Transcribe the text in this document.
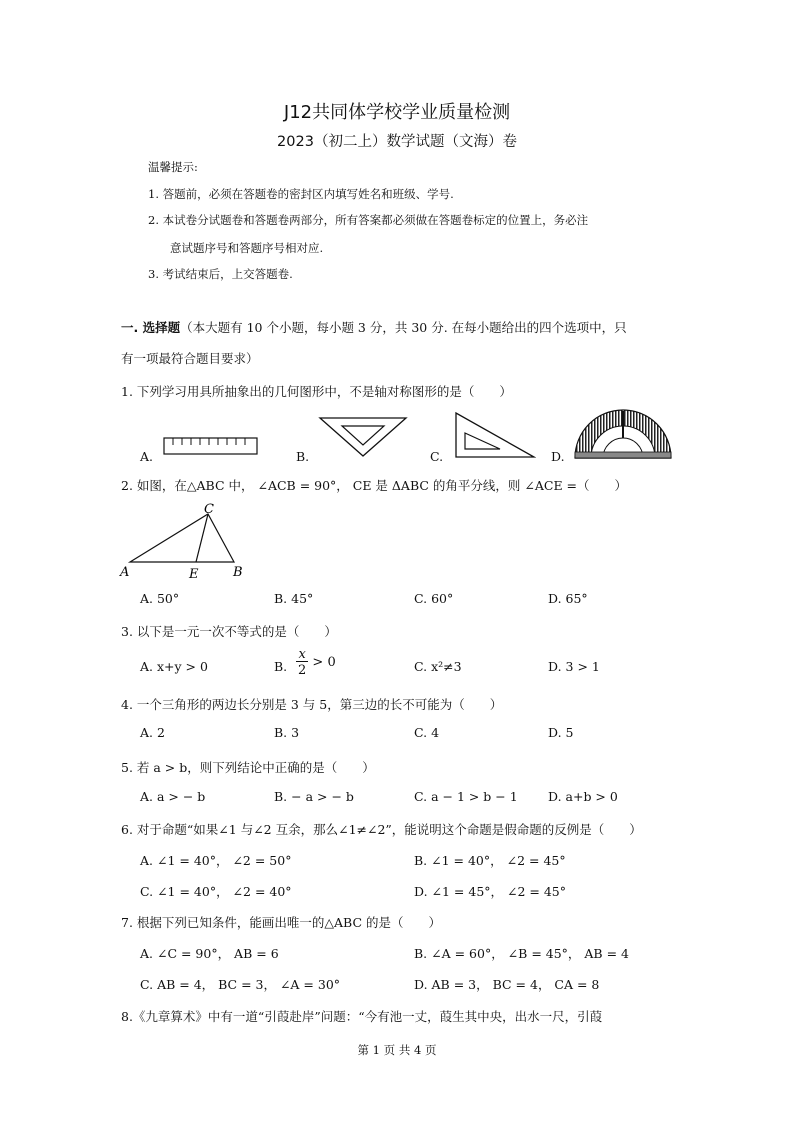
J12共同体学校学业质量检测
2023（初二上）数学试题（文海）卷
温馨提示:
1. 答题前，必须在答题卷的密封区内填写姓名和班级、学号.
2. 本试卷分试题卷和答题卷两部分，所有答案都必须做在答题卷标定的位置上，务必注
意试题序号和答题序号相对应.
3. 考试结束后，上交答题卷.
一. 选择题（本大题有 10 个小题，每小题 3 分，共 30 分. 在每小题给出的四个选项中，只
有一项最符合题目要求）
1. 下列学习用具所抽象出的几何图形中，不是轴对称图形的是（　　）
A.	B.	C.	D.
2. 如图，在△ABC 中， ∠ACB = 90°， CE 是 ΔABC 的角平分线，则 ∠ACE =（　　）
C
A	E	B
A. 50°	B. 45°	C. 60°	D. 65°
3. 以下是一元一次不等式的是（　　）
A. x+y > 0	B. $\frac{x}{2} > 0$	C. x²≠3	D. 3 > 1
4. 一个三角形的两边长分别是 3 与 5，第三边的长不可能为（　　）
A. 2	B. 3	C. 4	D. 5
5. 若 a > b，则下列结论中正确的是（　　）
A. a > − b	B. − a > − b	C. a − 1 > b − 1 D. a+b > 0
6. 对于命题“如果∠1 与∠2 互余，那么∠1≠∠2”，能说明这个命题是假命题的反例是（　　）
A. ∠1 = 40°， ∠2 = 50°	B. ∠1 = 40°， ∠2 = 45°
C. ∠1 = 40°， ∠2 = 40°	D. ∠1 = 45°， ∠2 = 45°
7. 根据下列已知条件，能画出唯一的△ABC 的是（　　）
A. ∠C = 90°， AB = 6	B. ∠A = 60°， ∠B = 45°， AB = 4
C. AB = 4， BC = 3， ∠A = 30°	D. AB = 3， BC = 4， CA = 8
8.《九章算术》中有一道“引葭赴岸”问题：“今有池一丈，葭生其中央，出水一尺，引葭
第 1 页 共 4 页
